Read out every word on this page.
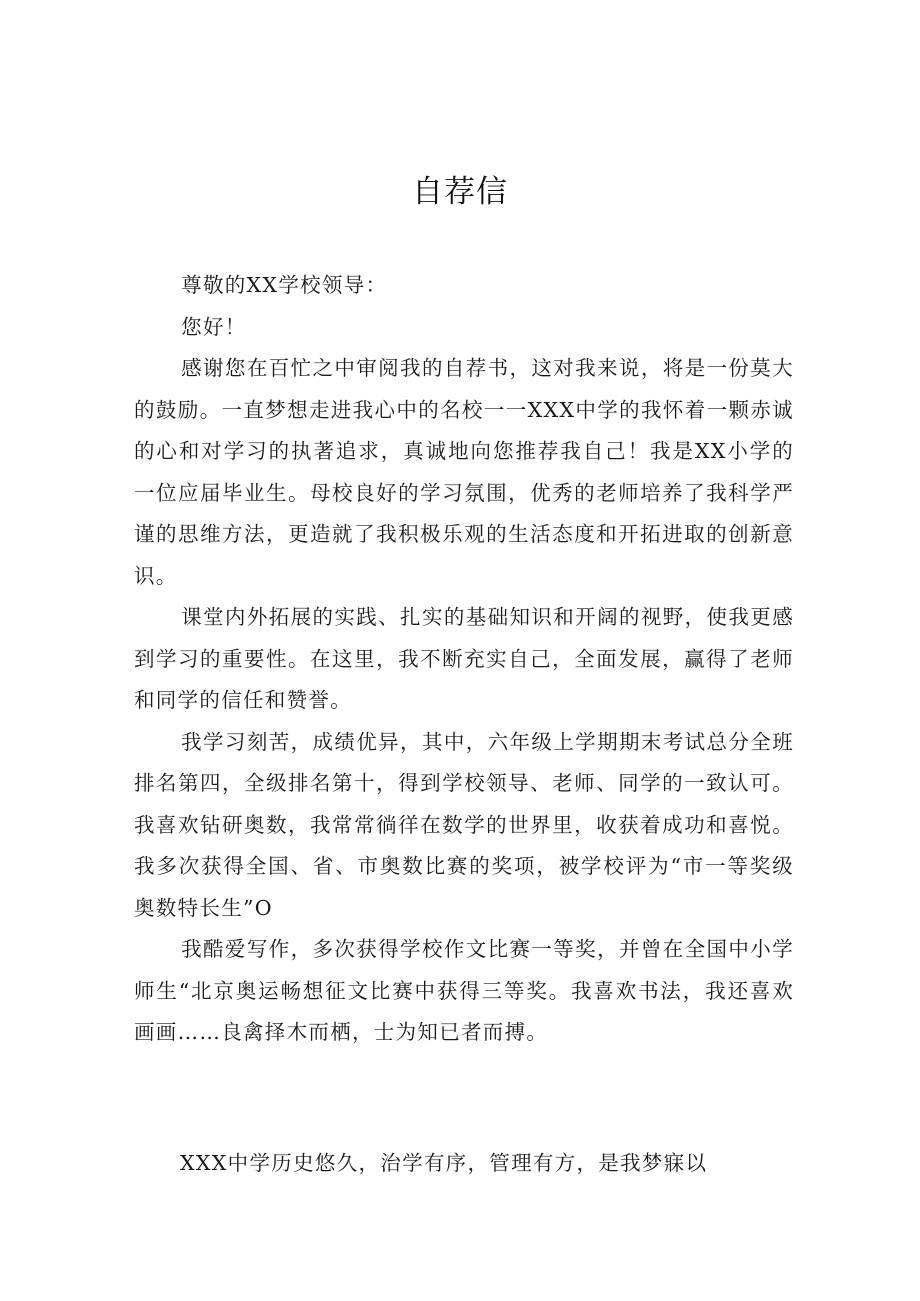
自荐信

尊敬的XX学校领导：

您好！

感谢您在百忙之中审阅我的自荐书，这对我来说，将是一份莫大的鼓励。一直梦想走进我心中的名校一一XXX中学的我怀着一颗赤诚的心和对学习的执著追求，真诚地向您推荐我自己！我是XX小学的一位应届毕业生。母校良好的学习氛围，优秀的老师培养了我科学严谨的思维方法，更造就了我积极乐观的生活态度和开拓进取的创新意识。

课堂内外拓展的实践、扎实的基础知识和开阔的视野，使我更感到学习的重要性。在这里，我不断充实自己，全面发展，赢得了老师和同学的信任和赞誉。

我学习刻苦，成绩优异，其中，六年级上学期期末考试总分全班排名第四，全级排名第十，得到学校领导、老师、同学的一致认可。我喜欢钻研奥数，我常常徜徉在数学的世界里，收获着成功和喜悦。我多次获得全国、省、市奥数比赛的奖项，被学校评为“市一等奖级奥数特长生”O

我酷爱写作，多次获得学校作文比赛一等奖，并曾在全国中小学师生“北京奥运畅想征文比赛中获得三等奖。我喜欢书法，我还喜欢画画……良禽择木而栖，士为知已者而搏。

XXX中学历史悠久，治学有序，管理有方，是我梦寐以
